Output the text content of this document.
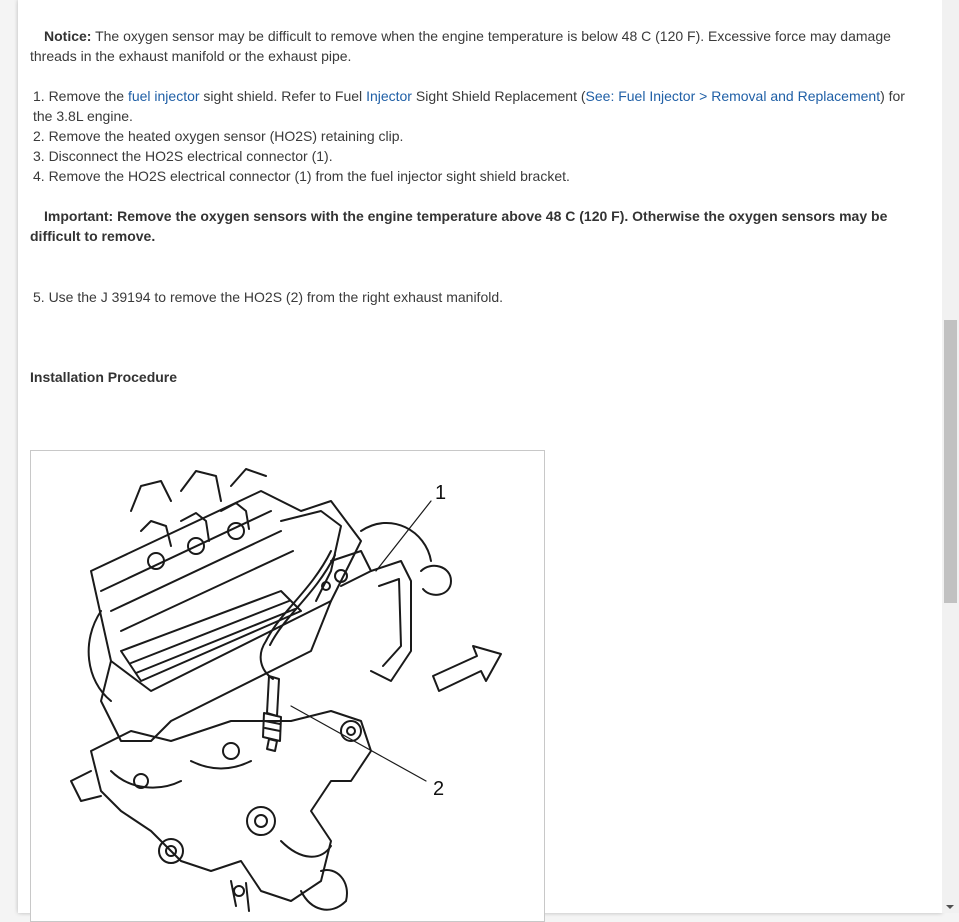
Notice: The oxygen sensor may be difficult to remove when the engine temperature is below 48 C (120 F). Excessive force may damage threads in the exhaust manifold or the exhaust pipe.

1. Remove the fuel injector sight shield. Refer to Fuel Injector Sight Shield Replacement (See: Fuel Injector > Removal and Replacement) for the 3.8L engine.

2. Remove the heated oxygen sensor (HO2S) retaining clip.

3. Disconnect the HO2S electrical connector (1).

4. Remove the HO2S electrical connector (1) from the fuel injector sight shield bracket.

Important: Remove the oxygen sensors with the engine temperature above 48 C (120 F). Otherwise the oxygen sensors may be difficult to remove.

5. Use the J 39194 to remove the HO2S (2) from the right exhaust manifold.

Installation Procedure

1
2
